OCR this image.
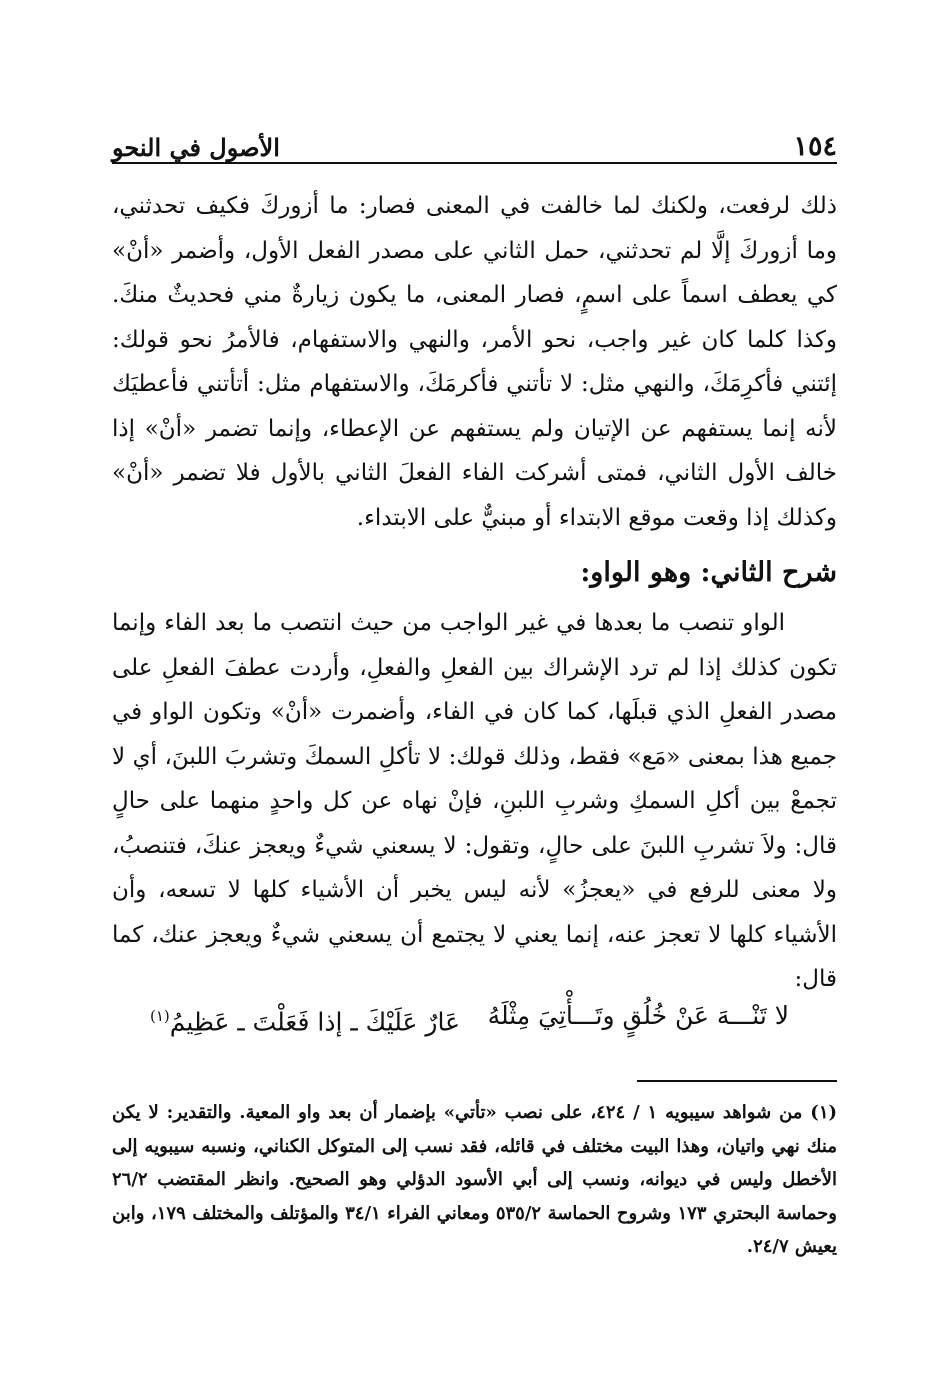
١٥٤
الأصول في النحو

ذلك لرفعت، ولكنك لما خالفت في المعنى فصار: ما أزوركَ فكيف تحدثني، وما أزوركَ إلَّا لم تحدثني، حمل الثاني على مصدر الفعل الأول، وأضمر «أنْ» كي يعطف اسماً على اسمٍ، فصار المعنى، ما يكون زيارةٌ مني فحديثٌ منكَ. وكذا كلما كان غير واجب، نحو الأمر، والنهي والاستفهام، فالأمرُ نحو قولك: إئتني فأكرِمَكَ، والنهي مثل: لا تأتني فأكرمَكَ، والاستفهام مثل: أتأتني فأعطيَك لأنه إنما يستفهم عن الإتيان ولم يستفهم عن الإعطاء، وإنما تضمر «أنْ» إذا خالف الأول الثاني، فمتى أشركت الفاء الفعلَ الثاني بالأول فلا تضمر «أنْ» وكذلك إذا وقعت موقع الابتداء أو مبنيٌّ على الابتداء.

شرح الثاني: وهو الواو:

الواو تنصب ما بعدها في غير الواجب من حيث انتصب ما بعد الفاء وإنما تكون كذلك إذا لم ترد الإشراك بين الفعلِ والفعلِ، وأردت عطفَ الفعلِ على مصدر الفعلِ الذي قبلَها، كما كان في الفاء، وأضمرت «أنْ» وتكون الواو في جميع هذا بمعنى «مَع» فقط، وذلك قولك: لا تأكلِ السمكَ وتشربَ اللبنَ، أي لا تجمعْ بين أكلِ السمكِ وشربِ اللبنِ، فإنْ نهاه عن كل واحدٍ منهما على حالٍ قال: ولاَ تشربِ اللبنَ على حالٍ، وتقول: لا يسعني شيءٌ ويعجز عنكَ، فتنصبُ، ولا معنى للرفع في «يعجزُ» لأنه ليس يخبر أن الأشياء كلها لا تسعه، وأن الأشياء كلها لا تعجز عنه، إنما يعني لا يجتمع أن يسعني شيءٌ ويعجز عنك، كما قال:

لا تَنْـــهَ عَنْ خُلُقٍ وتَـــأْتِيَ مِثْلَهُ
عَارٌ عَلَيْكَ ـ إذا فَعَلْتَ ـ عَظِيمُ$^{(١)}$

(١) من شواهد سيبويه ١ / ٤٢٤، على نصب «تأتي» بإضمار أن بعد واو المعية. والتقدير: لا يكن منك نهي واتيان، وهذا البيت مختلف في قائله، فقد نسب إلى المتوكل الكناني، ونسبه سيبويه إلى الأخطل وليس في ديوانه، ونسب إلى أبي الأسود الدؤلي وهو الصحيح. وانظر المقتضب ٢٦/٢ وحماسة البحتري ١٧٣ وشروح الحماسة ٥٣٥/٢ ومعاني الفراء ٣٤/١ والمؤتلف والمختلف ١٧٩، وابن يعيش ٢٤/٧.
